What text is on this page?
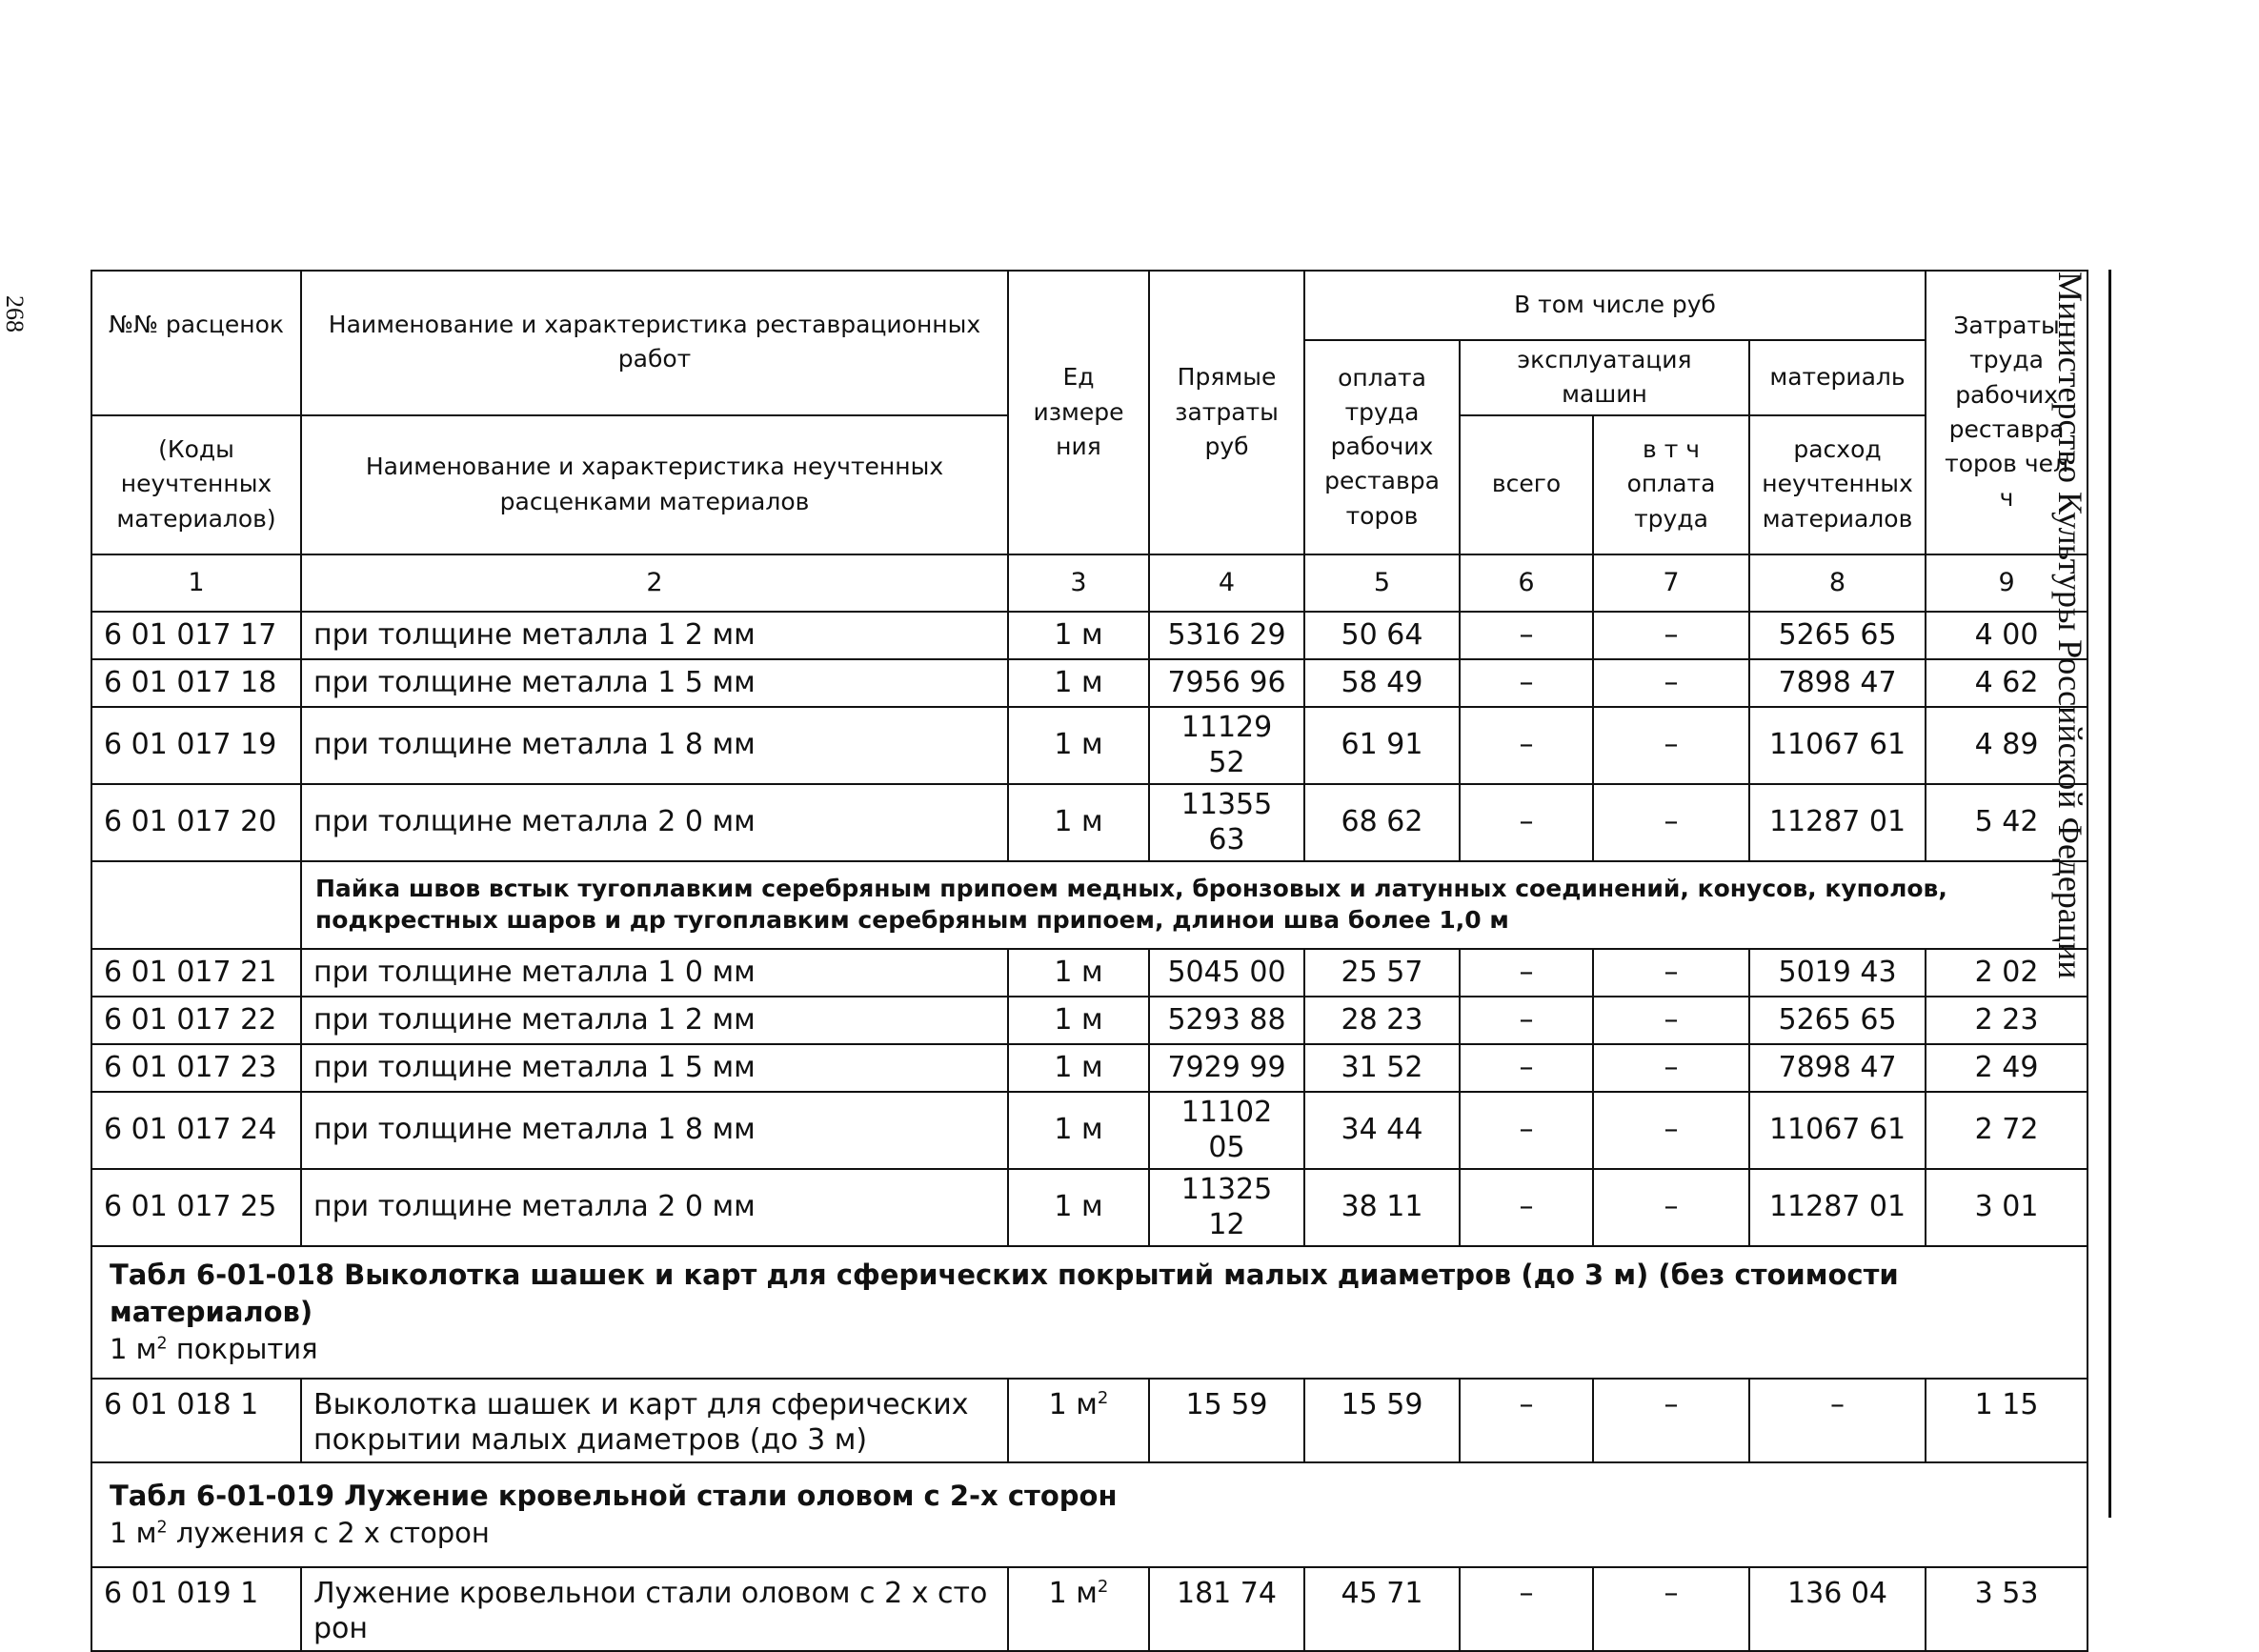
268	Министерство Культуры Российской Федерации
№№ расценок	Наименование и характеристика реставрационных работ	Ед измере ния	Прямые затраты руб	В том числе руб				Затраты труда рабочих реставра торов чел ч
				оплата труда рабочих реставра торов	эксплуатация машин		материаль	
(Коды неучтенных материалов)	Наименование и характеристика неучтенных расценками материалов				всего	в т ч оплата труда	расход неучтенных материалов	

1	2	3	4	5	6	7	8	9
6 01 017 17	при толщине металла 1 2 мм	1 м	5316 29	50 64	–	–	5265 65	4 00
6 01 017 18	при толщине металла 1 5 мм	1 м	7956 96	58 49	–	–	7898 47	4 62
6 01 017 19	при толщине металла 1 8 мм	1 м	11129 52	61 91	–	–	11067 61	4 89
6 01 017 20	при толщине металла 2 0 мм	1 м	11355 63	68 62	–	–	11287 01	5 42
	Пайка швов встык тугоплавким серебряным припоем медных, бронзовых и латунных соединений, конусов, куполов, подкрестных шаров и др тугоплавким серебряным припоем, длинои шва более 1,0 м							
6 01 017 21	при толщине металла 1 0 мм	1 м	5045 00	25 57	–	–	5019 43	2 02
6 01 017 22	при толщине металла 1 2 мм	1 м	5293 88	28 23	–	–	5265 65	2 23
6 01 017 23	при толщине металла 1 5 мм	1 м	7929 99	31 52	–	–	7898 47	2 49
6 01 017 24	при толщине металла 1 8 мм	1 м	11102 05	34 44	–	–	11067 61	2 72
6 01 017 25	при толщине металла 2 0 мм	1 м	11325 12	38 11	–	–	11287 01	3 01

Табл 6-01-018 Выколотка шашек и карт для сферических покрытий малых диаметров (до 3 м) (без стоимости материалов)
1 $м^2$ покрытия								

6 01 018 1	Выколотка шашек и карт для сферических покрытии малых диаметров (до 3 м)	1 $м^2$	15 59	15 59	–	–	–	1 15

Табл 6-01-019 Лужение кровельной стали оловом с 2-х сторон
1 $м^2$ лужения с 2 х сторон								

6 01 019 1	Лужение кровельнои стали оловом с 2 х сто рон	1 $м^2$	181 74	45 71	–	–	136 04	3 53
